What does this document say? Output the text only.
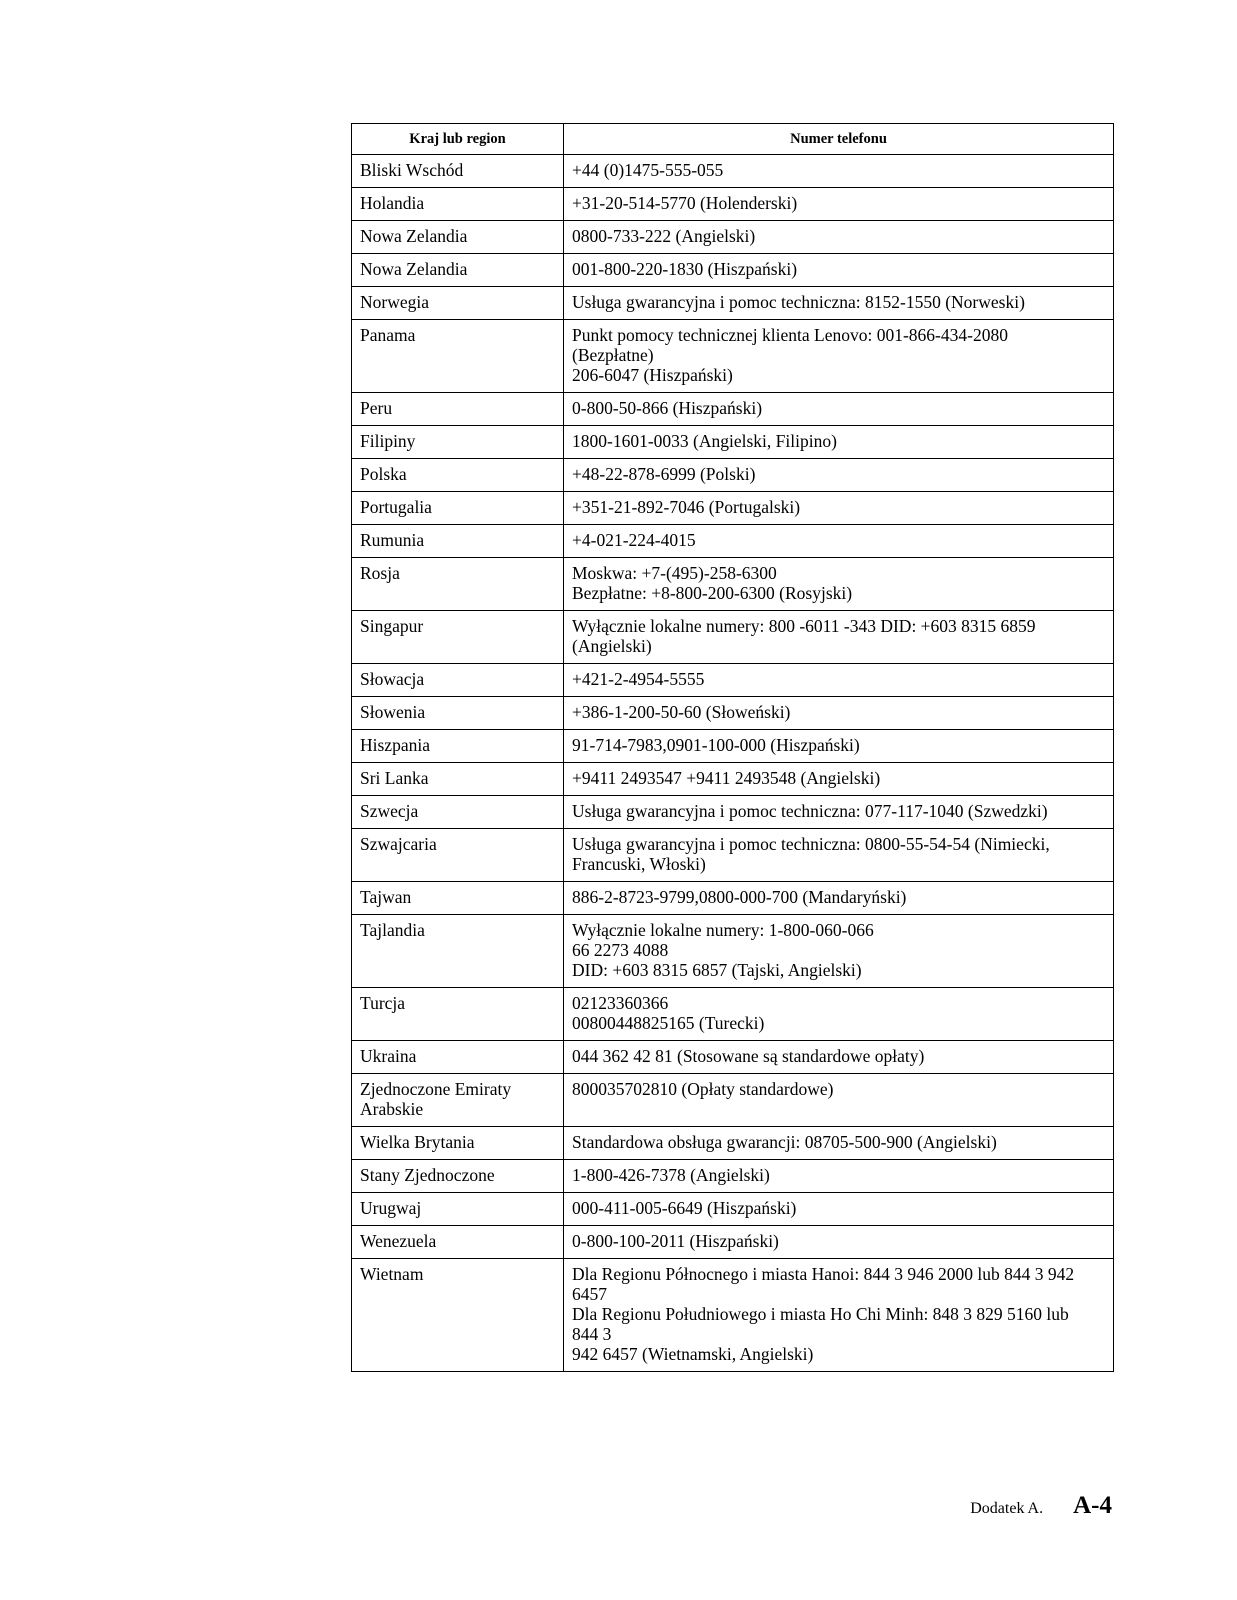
Kraj lub region	Numer telefonu
Bliski Wschód	+44 (0)1475-555-055
Holandia	+31-20-514-5770 (Holenderski)
Nowa Zelandia	0800-733-222 (Angielski)
Nowa Zelandia	001-800-220-1830 (Hiszpański)
Norwegia	Usługa gwarancyjna i pomoc techniczna: 8152-1550 (Norweski)
Panama	Punkt pomocy technicznej klienta Lenovo: 001-866-434-2080
(Bezpłatne)
206-6047 (Hiszpański)
Peru	0-800-50-866 (Hiszpański)
Filipiny	1800-1601-0033 (Angielski, Filipino)
Polska	+48-22-878-6999 (Polski)
Portugalia	+351-21-892-7046 (Portugalski)
Rumunia	+4-021-224-4015
Rosja	Moskwa: +7-(495)-258-6300
Bezpłatne: +8-800-200-6300 (Rosyjski)
Singapur	Wyłącznie lokalne numery: 800 -6011 -343 DID: +603 8315 6859
(Angielski)
Słowacja	+421-2-4954-5555
Słowenia	+386-1-200-50-60 (Słoweński)
Hiszpania	91-714-7983,0901-100-000 (Hiszpański)
Sri Lanka	+9411 2493547 +9411 2493548 (Angielski)
Szwecja	Usługa gwarancyjna i pomoc techniczna: 077-117-1040 (Szwedzki)
Szwajcaria	Usługa gwarancyjna i pomoc techniczna: 0800-55-54-54 (Nimiecki,
Francuski, Włoski)
Tajwan	886-2-8723-9799,0800-000-700 (Mandaryński)
Tajlandia	Wyłącznie lokalne numery: 1-800-060-066
66 2273 4088
DID: +603 8315 6857 (Tajski, Angielski)
Turcja	02123360366
00800448825165 (Turecki)
Ukraina	044 362 42 81 (Stosowane są standardowe opłaty)
Zjednoczone Emiraty
Arabskie	800035702810 (Opłaty standardowe)
Wielka Brytania	Standardowa obsługa gwarancji: 08705-500-900 (Angielski)
Stany Zjednoczone	1-800-426-7378 (Angielski)
Urugwaj	000-411-005-6649 (Hiszpański)
Wenezuela	0-800-100-2011 (Hiszpański)
Wietnam	Dla Regionu Północnego i miasta Hanoi: 844 3 946 2000 lub 844 3 942
6457
Dla Regionu Południowego i miasta Ho Chi Minh: 848 3 829 5160 lub
844 3
942 6457 (Wietnamski, Angielski)
Dodatek A. A-4
